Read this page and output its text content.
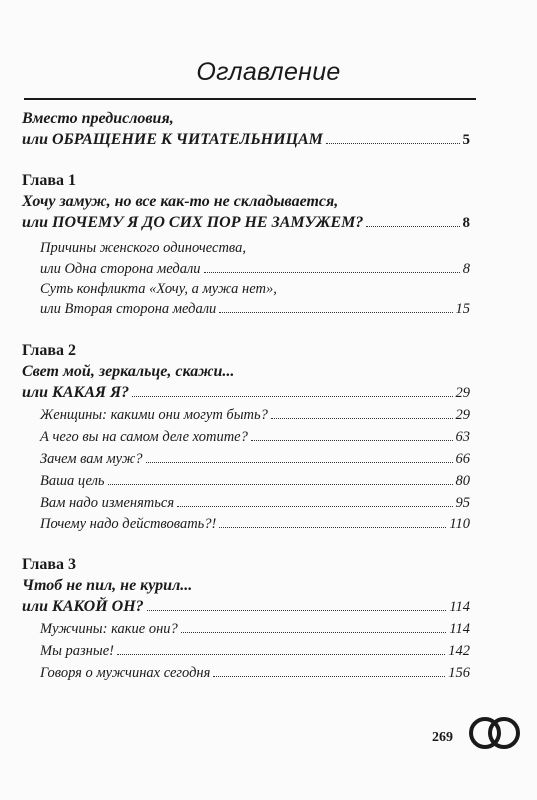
Оглавление
Вместо предисловия,
или ОБРАЩЕНИЕ К ЧИТАТЕЛЬНИЦАМ	5
Глава 1
Хочу замуж, но все как-то не складывается,
или ПОЧЕМУ Я ДО СИХ ПОР НЕ ЗАМУЖЕМ?	8
Причины женского одиночества,
или Одна сторона медали	8
Суть конфликта «Хочу, а мужа нет»,
или Вторая сторона медали	15
Глава 2
Свет мой, зеркальце, скажи...
или КАКАЯ Я?	29
Женщины: какими они могут быть?	29
А чего вы на самом деле хотите?	63
Зачем вам муж?	66
Ваша цель	80
Вам надо изменяться	95
Почему надо действовать?!	110
Глава 3
Чтоб не пил, не курил...
или КАКОЙ ОН?	114
Мужчины: какие они?	114
Мы разные!	142
Говоря о мужчинах сегодня	156
269
